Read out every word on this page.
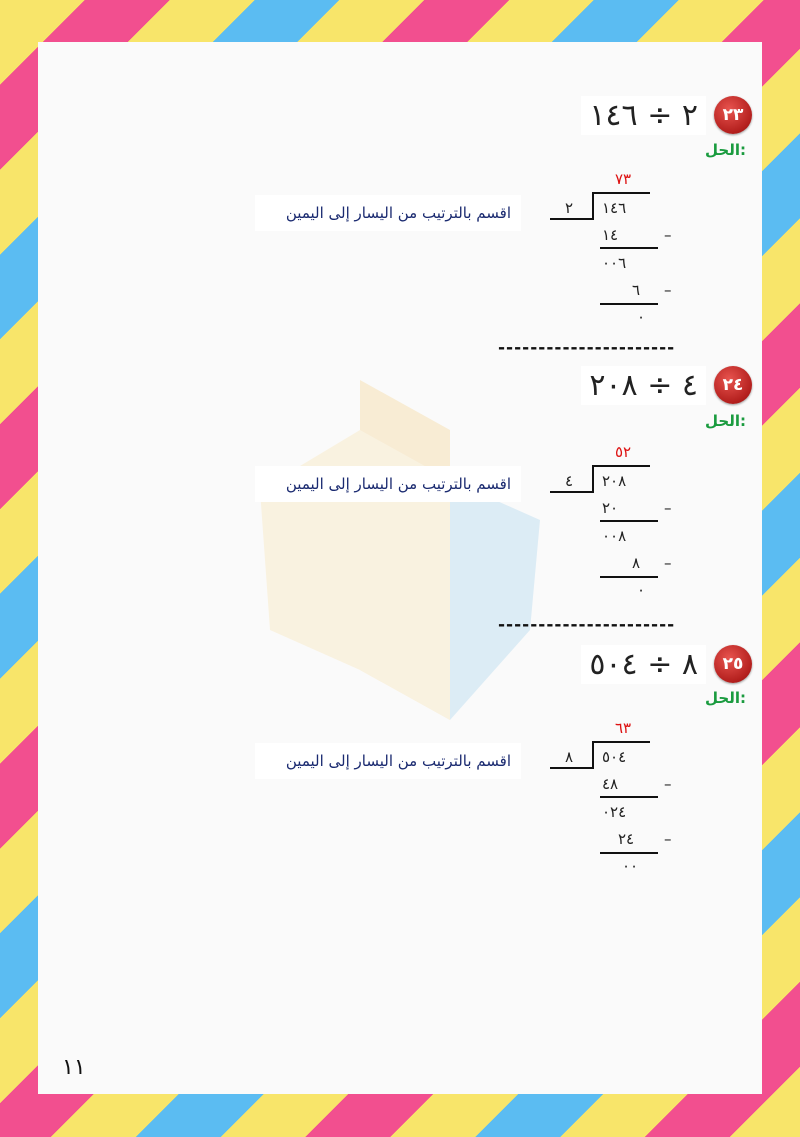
٢٣
٢ ÷ ١٤٦
الحل:
اقسم بالترتيب من اليسار إلى اليمين
٧٣
٢ ١٤٦
١٤	–
٠٠٦
٦ –
٠
----------------------
٢٤
٤ ÷ ٢٠٨
الحل:
اقسم بالترتيب من اليسار إلى اليمين
٥٢
٤ ٢٠٨
٢٠	–
٠٠٨
٨ –
٠
----------------------
٢٥
٨ ÷ ٥٠٤
الحل:
اقسم بالترتيب من اليسار إلى اليمين
٦٣
٨ ٥٠٤
٤٨	–
٠٢٤
٢٤ –
٠٠
١١
